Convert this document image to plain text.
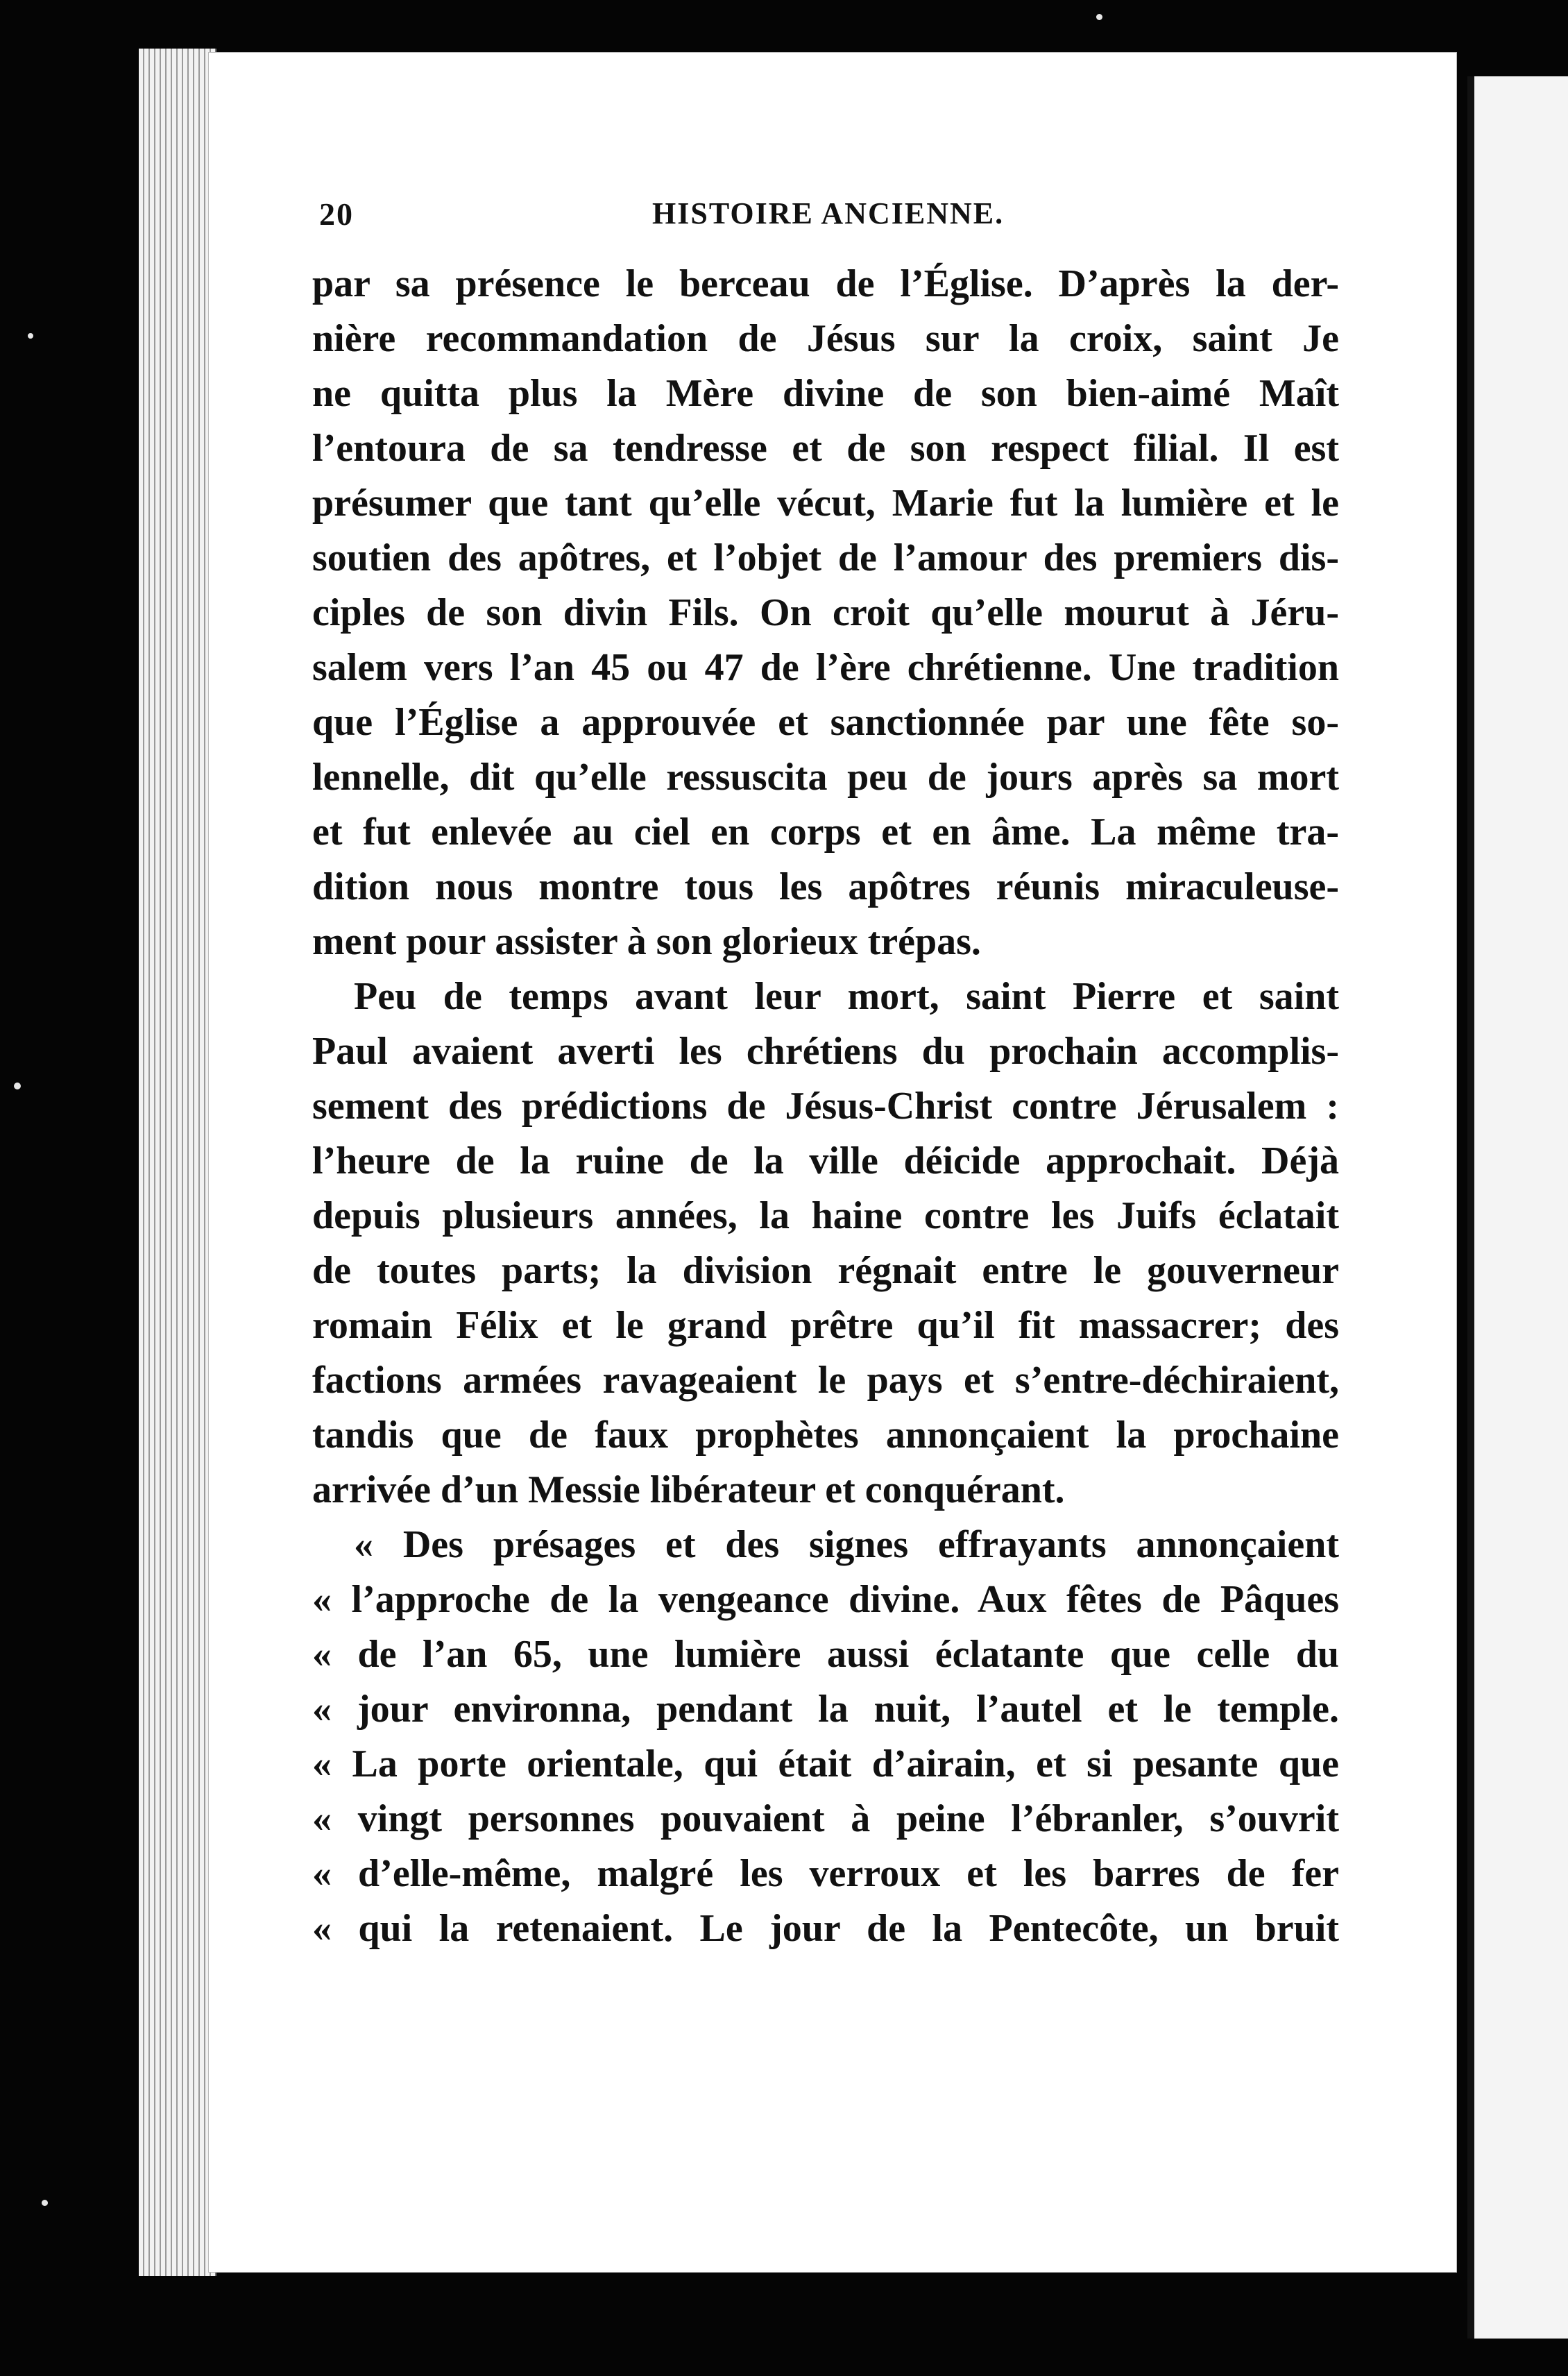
20	HISTOIRE ANCIENNE.
par sa présence le berceau de l’Église. D’après la der-
nière recommandation de Jésus sur la croix, saint Je
ne quitta plus la Mère divine de son bien-aimé Maît
l’entoura de sa tendresse et de son respect filial. Il est
présumer que tant qu’elle vécut, Marie fut la lumière et le
soutien des apôtres, et l’objet de l’amour des premiers dis-
ciples de son divin Fils. On croit qu’elle mourut à Jéru-
salem vers l’an 45 ou 47 de l’ère chrétienne. Une tradition
que l’Église a approuvée et sanctionnée par une fête so-
lennelle, dit qu’elle ressuscita peu de jours après sa mort
et fut enlevée au ciel en corps et en âme. La même tra-
dition nous montre tous les apôtres réunis miraculeuse-
ment pour assister à son glorieux trépas.
Peu de temps avant leur mort, saint Pierre et saint
Paul avaient averti les chrétiens du prochain accomplis-
sement des prédictions de Jésus-Christ contre Jérusalem :
l’heure de la ruine de la ville déicide approchait. Déjà
depuis plusieurs années, la haine contre les Juifs éclatait
de toutes parts; la division régnait entre le gouverneur
romain Félix et le grand prêtre qu’il fit massacrer; des
factions armées ravageaient le pays et s’entre-déchiraient,
tandis que de faux prophètes annonçaient la prochaine
arrivée d’un Messie libérateur et conquérant.
« Des présages et des signes effrayants annonçaient
« l’approche de la vengeance divine. Aux fêtes de Pâques
« de l’an 65, une lumière aussi éclatante que celle du
« jour environna, pendant la nuit, l’autel et le temple.
« La porte orientale, qui était d’airain, et si pesante que
« vingt personnes pouvaient à peine l’ébranler, s’ouvrit
« d’elle-même, malgré les verroux et les barres de fer
« qui la retenaient. Le jour de la Pentecôte, un bruit
